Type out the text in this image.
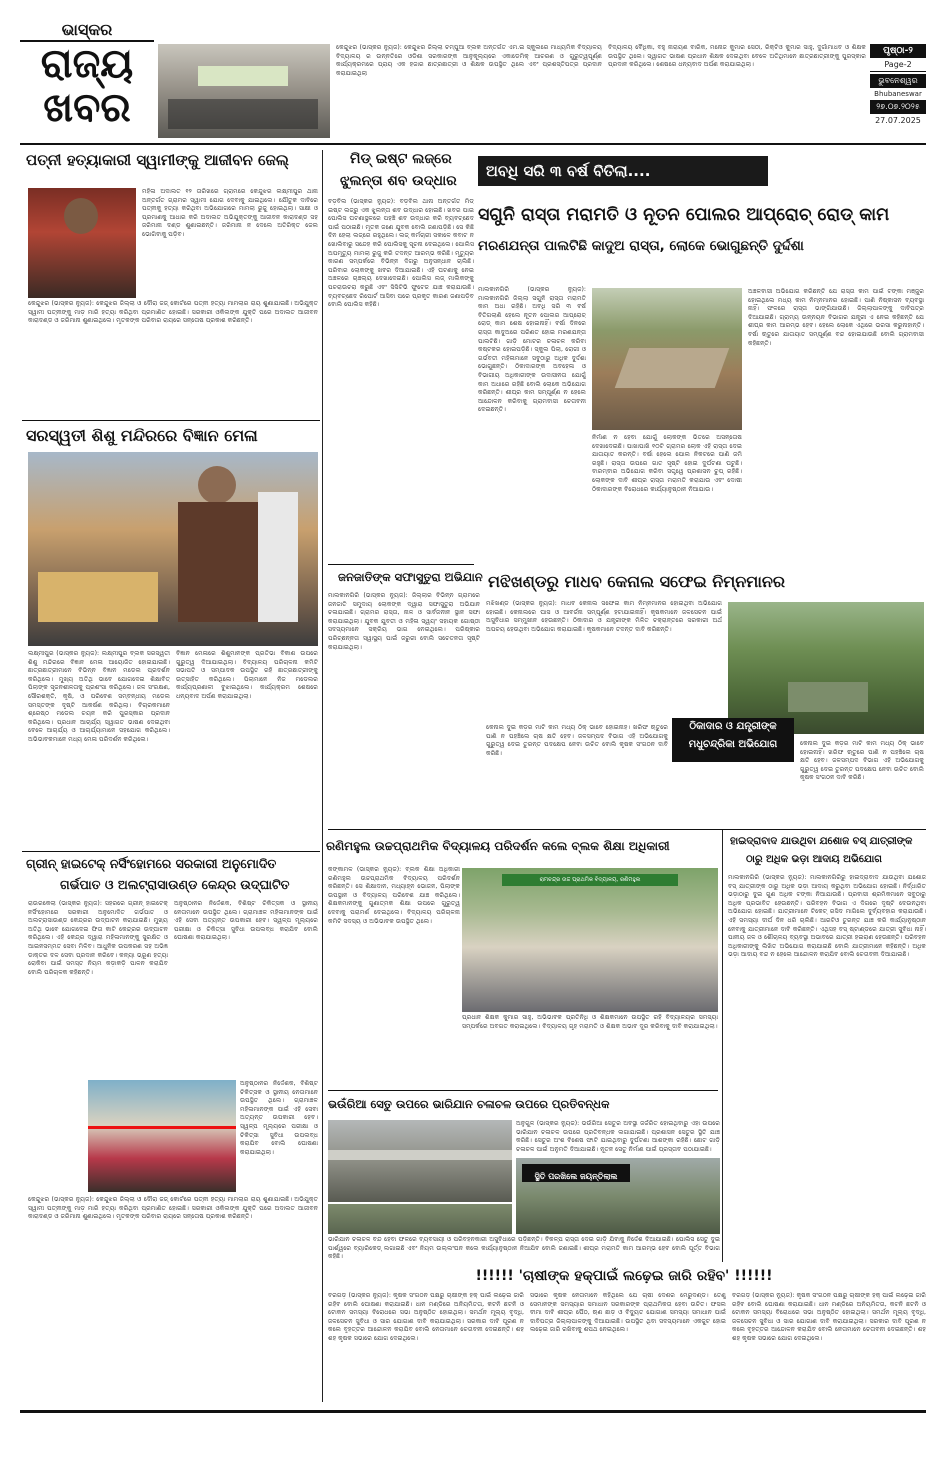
ଭାସ୍କର
ରାଜ୍ୟ
ଖବର
କେନ୍ଦୁଝର (ଭାସ୍କର ନ୍ୟୁଜ): କେନ୍ଦୁଝର ଜିଲ୍ଲା ଚମ୍ପୁଆ ବ୍ଲକ ଅନ୍ତର୍ଗତ ଏମ.ଇ ସ୍କୁଲରେ ମାଧ୍ୟମିକ ବିଦ୍ୟାଳୟ ବିଦ୍ୟାଳୟ ର ଉନ୍ନତିରେ ଓଡିଶା ସରକାରଙ୍କ ଆନୁକୂଲ୍ୟରେ ଏକାଡେମିକ୍ ଆଚରଣ ଓ ଗୁରୁତ୍ୱପୂର୍ଣ୍ଣ କାର୍ଯ୍ୟକ୍ରମରେ ପ୍ରାୟ ଏକ ହଜାର ଛାତ୍ରଛାତ୍ରୀ ଓ ଶିକ୍ଷକ ଉପସ୍ଥିତ ଥିଲେ ଏବଂ ପ୍ରଶସ୍ତିପତ୍ର ପ୍ରଦାନ କରାଯାଇଥିଲା
ବିଦ୍ୟାଳୟ ବୈଧିକା, ବହୁ ନାରାୟଣ ବାରିକ, ମନୋଜ କୁମାର ସେଠୀ, ରିକ୍ଟିଓ କୁମାର ସାହୁ, ଦୁର୍ଗାମାଧବ ଓ ଶିକ୍ଷକ ଉପସ୍ଥିତ ଥିଲେ। ସ୍ୱାଗତ ଭାଷଣ ପ୍ରଧାନ ଶିକ୍ଷକ ଦେଇଥିବା ବେଳେ ଅତିଥିମାନେ ଛାତ୍ରଛାତ୍ରୀଙ୍କୁ ପୁରସ୍କାର ପ୍ରଦାନ କରିଥିଲେ। ଶେଷରେ ଧନ୍ୟବାଦ ଅର୍ପଣ କରାଯାଇଥିଲା।
ପୃଷ୍ଠା-୨
Page-2
ଭୁବନେଶ୍ୱର
Bhubaneswar
୨୭.୦୭.୨୦୨୫
27.07.2025
ପତ୍ନୀ ହତ୍ୟାକାରୀ ସ୍ୱାମୀଙ୍କୁ ଆଜୀବନ ଜେଲ୍
ମହିଳା ଅଦାଲତ ୧୨ ତାରିଖରେ ଗ୍ରାମରେ କେନ୍ଦୁଝର ଲକ୍ଷ୍ମୀପୁର ଥାନା ଅନ୍ତର୍ଗତ ଗ୍ରାମର ସ୍ୱାମୀ ଯୋଗ ଦେବାକୁ ଯାଇଥିଲେ। ଯୌତୁକ ଦାବିରେ ପତ୍ନୀକୁ ହତ୍ୟା କରିଥିବା ଅଭିଯୋଗରେ ମାମଲା ରୁଜୁ ହୋଇଥିଲା। ସାକ୍ଷୀ ଓ ପ୍ରମାଣକୁ ଆଧାର କରି ଅଦାଲତ ଅଭିଯୁକ୍ତଙ୍କୁ ଆଜୀବନ କାରାଦଣ୍ଡ ସହ ଜରିମାନା ଦଣ୍ଡ ଶୁଣାଇଛନ୍ତି। ଜରିମାନା ନ ଦେଲେ ଅତିରିକ୍ତ ଜେଲ ଭୋଗିବାକୁ ପଡ଼ିବ।
କେନ୍ଦୁଝର (ଭାସ୍କର ନ୍ୟୁଜ): କେନ୍ଦୁଝର ଜିଲ୍ଲା ଓ ଦୌରା ଜଜ୍ କୋର୍ଟରେ ପତ୍ନୀ ହତ୍ୟା ମାମଲାର ରାୟ ଶୁଣାଯାଇଛି। ଅଭିଯୁକ୍ତ ସ୍ୱାମୀ ପତ୍ନୀଙ୍କୁ ମାଡ଼ ମାରି ହତ୍ୟା କରିଥିବା ପ୍ରମାଣିତ ହୋଇଛି। ସରକାରୀ ଓକିଲଙ୍କ ଯୁକ୍ତି ପରେ ଅଦାଲତ ଆଜୀବନ କାରାଦଣ୍ଡ ଓ ଜରିମାନା ଶୁଣାଇଥିଲେ। ମୃତକଙ୍କ ପରିବାର ରାୟରେ ସନ୍ତୋଷ ପ୍ରକାଶ କରିଛନ୍ତି।
ସରସ୍ୱତୀ ଶିଶୁ ମନ୍ଦିରରେ ବିଜ୍ଞାନ ମେଳା
ଲକ୍ଷ୍ମୀପୁର (ଭାସ୍କର ନ୍ୟୁଜ): ଲକ୍ଷ୍ମୀପୁର ବ୍ଲକ ସରସ୍ୱତୀ ଶିଶୁ ମନ୍ଦିରରେ ବିଜ୍ଞାନ ମେଳା ଆୟୋଜିତ ହୋଇଯାଇଛି। ଛାତ୍ରଛାତ୍ରୀମାନେ ବିଭିନ୍ନ ବିଜ୍ଞାନ ମଡେଲ ପ୍ରଦର୍ଶନ କରିଥିଲେ। ମୁଖ୍ୟ ଅତିଥି ଭାବେ ଯୋଗଦେଇ ଶିକ୍ଷାବିତ୍ ପିଲାଙ୍କ ସୃଜନଶୀଳତାକୁ ପ୍ରଶଂସା କରିଥିଲେ। ଜଳ ସଂରକ୍ଷଣ, ସୌରଶକ୍ତି, କୃଷି, ଓ ପରିବେଶ ସମ୍ବନ୍ଧୀୟ ମଡେଲ ସମସ୍ତଙ୍କ ଦୃଷ୍ଟି ଆକର୍ଷଣ କରିଥିଲା। ବିଚାରକମାନେ ଶ୍ରେଷ୍ଠ ମଡେଲ ଚୟନ କରି ପୁରସ୍କାର ପ୍ରଦାନ କରିଥିଲେ। ପ୍ରଧାନ ଆଚାର୍ଯ୍ୟ ସ୍ୱାଗତ ଭାଷଣ ଦେଇଥିବା ବେଳେ ଆଚାର୍ଯ୍ୟ ଓ ଆଚାର୍ଯ୍ୟାମାନେ ସହଯୋଗ କରିଥିଲେ। ଅଭିଭାବକମାନେ ମଧ୍ୟ ମେଳା ପରିଦର୍ଶନ କରିଥିଲେ।
ବିଜ୍ଞାନ ମେଳାରେ ଶିଶୁମାନଙ୍କ ପ୍ରତିଭା ବିକାଶ ଉପରେ ଗୁରୁତ୍ୱ ଦିଆଯାଇଥିଲା। ବିଦ୍ୟାଳୟ ପରିଚାଳନା କମିଟି ସଭାପତି ଓ ସମ୍ପାଦକ ଉପସ୍ଥିତ ରହି ଛାତ୍ରଛାତ୍ରୀଙ୍କୁ ଉତ୍ସାହିତ କରିଥିଲେ। ପିଲାମାନେ ନିଜ ମଡେଲର କାର୍ଯ୍ୟପ୍ରଣାଳୀ ବୁଝାଇଥିଲେ। କାର୍ଯ୍ୟକ୍ରମ ଶେଷରେ ଧନ୍ୟବାଦ ଅର୍ପଣ କରାଯାଇଥିଲା।
ଗ୍ରୀନ୍ ହାଇଟେକ୍ ନର୍ସିଂହୋମରେ ସରକାରୀ ଅନୁମୋଦିତ
ଗର୍ଭପାତ ଓ ଅଲଟ୍ରାସାଉଣ୍ଡ କେନ୍ଦ୍ର ଉଦ୍‌ଘାଟିତ
ରାଉରକେଲା (ଭାସ୍କର ନ୍ୟୁଜ): ସହରରେ ଗ୍ରୀନ୍ ହାଇଟେକ୍ ନର୍ସିଂହୋମରେ ସରକାରୀ ଅନୁମୋଦିତ ଗର୍ଭପାତ ଓ ଅଲଟ୍ରାସାଉଣ୍ଡ କେନ୍ଦ୍ରର ଉଦ୍‌ଘାଟନ କରାଯାଇଛି। ମୁଖ୍ୟ ଅତିଥି ଭାବେ ଯୋଗଦେଇ ଫିତା କାଟି କେନ୍ଦ୍ରର ଉଦ୍‌ଘାଟନ କରିଥିଲେ। ଏହି କେନ୍ଦ୍ର ଦ୍ୱାରା ମହିଳାମାନଙ୍କୁ ସୁରକ୍ଷିତ ଓ ଆଇନସମ୍ମତ ସେବା ମିଳିବ। ଆଧୁନିକ ଉପକରଣ ସହ ଅଭିଜ୍ଞ ଡାକ୍ତର ଦଳ ସେବା ପ୍ରଦାନ କରିବେ। କନ୍ୟା ଭ୍ରୂଣ ହତ୍ୟା ରୋକିବା ପାଇଁ ସମସ୍ତ ନିୟମ କଡ଼ାକଡ଼ି ପାଳନ କରାଯିବ ବୋଲି ପରିଚାଳକ କହିଛନ୍ତି।
ଅନୁଷ୍ଠାନର ନିର୍ଦ୍ଦେଶକ, ବିଶିଷ୍ଟ ଚିକିତ୍ସକ ଓ ସ୍ଥାନୀୟ ନେତାମାନେ ଉପସ୍ଥିତ ଥିଲେ। ଗ୍ରାମାଞ୍ଚଳ ମହିଳାମାନଙ୍କ ପାଇଁ ଏହି ସେବା ଅତ୍ୟନ୍ତ ଉପକାରୀ ହେବ। ସ୍ୱଳ୍ପ ମୂଲ୍ୟରେ ପରୀକ୍ଷା ଓ ଚିକିତ୍ସା ସୁବିଧା ଉପଲବ୍ଧ କରାଯିବ ବୋଲି ଘୋଷଣା କରାଯାଇଥିଲା।
ଅନୁଷ୍ଠାନର ନିର୍ଦ୍ଦେଶକ, ବିଶିଷ୍ଟ ଚିକିତ୍ସକ ଓ ସ୍ଥାନୀୟ ନେତାମାନେ ଉପସ୍ଥିତ ଥିଲେ। ଗ୍ରାମାଞ୍ଚଳ ମହିଳାମାନଙ୍କ ପାଇଁ ଏହି ସେବା ଅତ୍ୟନ୍ତ ଉପକାରୀ ହେବ। ସ୍ୱଳ୍ପ ମୂଲ୍ୟରେ ପରୀକ୍ଷା ଓ ଚିକିତ୍ସା ସୁବିଧା ଉପଲବ୍ଧ କରାଯିବ ବୋଲି ଘୋଷଣା କରାଯାଇଥିଲା।
କେନ୍ଦୁଝର (ଭାସ୍କର ନ୍ୟୁଜ): କେନ୍ଦୁଝର ଜିଲ୍ଲା ଓ ଦୌରା ଜଜ୍ କୋର୍ଟରେ ପତ୍ନୀ ହତ୍ୟା ମାମଲାର ରାୟ ଶୁଣାଯାଇଛି। ଅଭିଯୁକ୍ତ ସ୍ୱାମୀ ପତ୍ନୀଙ୍କୁ ମାଡ଼ ମାରି ହତ୍ୟା କରିଥିବା ପ୍ରମାଣିତ ହୋଇଛି। ସରକାରୀ ଓକିଲଙ୍କ ଯୁକ୍ତି ପରେ ଅଦାଲତ ଆଜୀବନ କାରାଦଣ୍ଡ ଓ ଜରିମାନା ଶୁଣାଇଥିଲେ। ମୃତକଙ୍କ ପରିବାର ରାୟରେ ସନ୍ତୋଷ ପ୍ରକାଶ କରିଛନ୍ତି।
ମିଡ୍ ଇଷ୍ଟ ଲଜ୍‌ରେ
ଝୁଲନ୍ତା ଶବ ଉଦ୍ଧାର
ବଡ଼ବିଲ (ଭାସ୍କର ନ୍ୟୁଜ): ବଡ଼ବିଲ ଥାନା ଅନ୍ତର୍ଗତ ମିଡ୍ ଇଷ୍ଟ ଲଜ୍‌ରୁ ଏକ ଝୁଲନ୍ତା ଶବ ଉଦ୍ଧାର ହୋଇଛି। ଖବର ପାଇ ପୋଲିସ ଘଟଣାସ୍ଥଳରେ ପହଞ୍ଚି ଶବ ଉଦ୍ଧାର କରି ବ୍ୟବଚ୍ଛେଦ ପାଇଁ ପଠାଇଛି। ମୃତକ ଜଣେ ଯୁବକ ବୋଲି ଜଣାପଡ଼ିଛି। ସେ କିଛି ଦିନ ହେଲା ଲଜ୍‌ରେ ରହୁଥିଲେ। ଲଜ୍ କର୍ମଚାରୀ ସକାଳେ କବାଟ ନ ଖୋଲିବାରୁ ସନ୍ଦେହ କରି ପୋଲିସକୁ ସୂଚନା ଦେଇଥିଲେ। ପୋଲିସ ଅପମୃତ୍ୟୁ ମାମଲା ରୁଜୁ କରି ତଦନ୍ତ ଆରମ୍ଭ କରିଛି। ମୃତ୍ୟୁର କାରଣ ସମ୍ପର୍କରେ ବିଭିନ୍ନ ଦିଗରୁ ଅନୁସନ୍ଧାନ ଚାଲିଛି। ପରିବାର ଲୋକଙ୍କୁ ଖବର ଦିଆଯାଇଛି। ଏହି ଘଟଣାକୁ ନେଇ ଅଞ୍ଚଳରେ ଚାଞ୍ଚଲ୍ୟ ଦେଖାଦେଇଛି। ପୋଲିସ ଲଜ୍ ମାଲିକଙ୍କୁ ପଚରାଉଚରା କରୁଛି ଏବଂ ସିସିଟିଭି ଫୁଟେଜ ଯାଞ୍ଚ କରାଯାଉଛି। ବ୍ୟବଚ୍ଛେଦ ରିପୋର୍ଟ ଆସିବା ପରେ ପ୍ରକୃତ କାରଣ ଜଣାପଡ଼ିବ ବୋଲି ପୋଲିସ କହିଛି।
ଅବଧି ସରି ୩ ବର୍ଷ ବିତିଲା....
ସଗୁନି ରାସ୍ତା ମରାମତି ଓ ନୂତନ ପୋଲର ଆପ୍ରୋଚ୍ ରୋଡ୍ କାମ
ମରଣଯନ୍ତା ପାଲଟିଛି କାଦୁଅ ରାସ୍ତା, ଲୋକେ ଭୋଗୁଛନ୍ତି ଦୁର୍ଦ୍ଦଶା
ମାଲକାନଗିରି (ଭାସ୍କର ନ୍ୟୁଜ): ମାଲକାନଗିରି ଜିଲ୍ଲା ସଗୁନି ରାସ୍ତା ମରାମତି କାମ ଅଧା ରହିଛି। ଅବଧି ସରି ୩ ବର୍ଷ ବିତିଗଲାଣି ହେଲେ ନୂତନ ପୋଲର ଆପ୍ରୋଚ୍ ରୋଡ୍ କାମ ଶେଷ ହୋଇନାହିଁ। ବର୍ଷା ଦିନରେ ରାସ୍ତା କାଦୁଅରେ ପରିଣତ ହୋଇ ମରଣଯନ୍ତା ପାଲଟିଛି। ଗାଡ଼ି ମୋଟର ଚଳାଚଳ କରିବା କଷ୍ଟକର ହୋଇପଡ଼ିଛି। ସ୍କୁଲ ପିଲା, ରୋଗୀ ଓ ଗର୍ଭବତୀ ମହିଳାମାନେ ସବୁଠାରୁ ଅଧିକ ଦୁର୍ଦ୍ଦଶା ଭୋଗୁଛନ୍ତି। ଠିକାଦାରଙ୍କ ଅବହେଳା ଓ ବିଭାଗୀୟ ଅଧିକାରୀଙ୍କ ଉଦାସୀନତା ଯୋଗୁଁ କାମ ଅଧାରେ ରହିଛି ବୋଲି ଲୋକେ ଅଭିଯୋଗ କରିଛନ୍ତି। ଶୀଘ୍ର କାମ ସମ୍ପୂର୍ଣ୍ଣ ନ ହେଲେ ଆନ୍ଦୋଳନ କରିବାକୁ ଗ୍ରାମବାସୀ ଚେତାବନୀ ଦେଇଛନ୍ତି।
ନିର୍ମାଣ ନ ହେବା ଯୋଗୁଁ ଲୋକଙ୍କ ଭିତରେ ଅସନ୍ତୋଷ ଦେଖାଦେଇଛି। ପାଖାପାଖି ୧୦ଟି ଗ୍ରାମର ଲୋକ ଏହି ରାସ୍ତା ଦେଇ ଯାତାୟାତ କରନ୍ତି। ବର୍ଷା ହେଲେ ପୋଲ ନିକଟରେ ପାଣି ଜମି ରହୁଛି। ରାସ୍ତା ଉପରେ ଗାତ ସୃଷ୍ଟି ହୋଇ ଦୁର୍ଘଟଣା ଘଟୁଛି। ବାରମ୍ବାର ଅଭିଯୋଗ କରିବା ସତ୍ତ୍ୱେ ପ୍ରଶାସନ ଚୁପ୍ ରହିଛି। ଲୋକଙ୍କ ଦାବି ଶୀଘ୍ର ରାସ୍ତା ମରାମତି କରାଯାଉ ଏବଂ ଦୋଷୀ ଠିକାଦାରଙ୍କ ବିରୋଧରେ କାର୍ଯ୍ୟାନୁଷ୍ଠାନ ନିଆଯାଉ।
ଅଞ୍ଚଳବାସୀ ଅଭିଯୋଗ କରିଛନ୍ତି ଯେ ରାସ୍ତା କାମ ପାଇଁ ଟଙ୍କା ମଞ୍ଜୁର ହୋଇଥିଲେ ମଧ୍ୟ କାମ ନିମ୍ନମାନର ହୋଇଛି। ପାଣି ନିଷ୍କାସନ ବ୍ୟବସ୍ଥା ନାହିଁ। ଫଳରେ ରାସ୍ତା ଭାଙ୍ଗିଯାଉଛି। ଜିଲ୍ଲାପାଳଙ୍କୁ ଦାବିପତ୍ର ଦିଆଯାଇଛି। ଗ୍ରାମ୍ୟ ଉନ୍ନୟନ ବିଭାଗର ଯନ୍ତ୍ରୀ ଏ ନେଇ କହିଛନ୍ତି ଯେ ଶୀଘ୍ର କାମ ଆରମ୍ଭ ହେବ। ହେଲେ ଲୋକେ ଏଥିରେ ଭରସା କରୁନାହାନ୍ତି। ବର୍ଷା ଋତୁରେ ଯାତାୟାତ ସମ୍ପୂର୍ଣ୍ଣ ବନ୍ଦ ହୋଇଯାଉଛି ବୋଲି ଗ୍ରାମବାସୀ କହିଛନ୍ତି।
ଜନଜାତିଙ୍କ ସଫାସୁତୁରା ଅଭିଯାନ
ମାଲକାନଗିରି (ଭାସ୍କର ନ୍ୟୁଜ): ଜିଲ୍ଲାର ବିଭିନ୍ନ ଗ୍ରାମରେ ଜନଜାତି ସମୁଦାୟ ଲୋକଙ୍କ ଦ୍ୱାରା ସଫାସୁତୁରା ଅଭିଯାନ ଚଳାଯାଇଛି। ଗ୍ରାମର ରାସ୍ତା, ନାଳ ଓ ସାର୍ବଜନୀନ ସ୍ଥାନ ସଫା କରାଯାଇଥିଲା। ଯୁବକ ଯୁବତୀ ଓ ମହିଳା ସ୍ୱୟଂ ସହାୟକ ଗୋଷ୍ଠୀ ସଦସ୍ୟମାନେ ସକ୍ରିୟ ଭାଗ ନେଇଥିଲେ। ପରିଷ୍କାର ପରିଚ୍ଛନ୍ନତା ସ୍ୱାସ୍ଥ୍ୟ ପାଇଁ ଜରୁରୀ ବୋଲି ସଚେତନତା ସୃଷ୍ଟି କରାଯାଇଥିଲା।
ମଝିଖଣ୍ଡରୁ ମାଧବ କେନାଲ ସଫେଇ ନିମ୍ନମାନର
ମଝିଖଣ୍ଡ (ଭାସ୍କର ନ୍ୟୁଜ): ମାଧବ କେନାଲ ସଫେଇ କାମ ନିମ୍ନମାନର ହୋଇଥିବା ଅଭିଯୋଗ ହୋଇଛି। କେନାଲରେ ଘାସ ଓ ଆବର୍ଜନା ସମ୍ପୂର୍ଣ୍ଣ ହଟାଯାଇନାହିଁ। କୃଷକମାନେ ଜଳସେଚନ ପାଇଁ ଅସୁବିଧାର ସମ୍ମୁଖୀନ ହେଉଛନ୍ତି। ଠିକାଦାର ଓ ଯନ୍ତ୍ରୀଙ୍କ ମିଳିତ ଚକ୍ରାନ୍ତରେ ସରକାରୀ ଅର୍ଥ ଅପଚୟ ହେଉଥିବା ଅଭିଯୋଗ କରାଯାଇଛି। କୃଷକମାନେ ତଦନ୍ତ ଦାବି କରିଛନ୍ତି।
ଠିକାଦାର ଓ ଯନ୍ତ୍ରୀଙ୍କ
ମଧୁଚନ୍ଦ୍ରିକା ଅଭିଯୋଗ
କେନାଲ ଦୁଇ କଡ଼ର ମାଟି କାମ ମଧ୍ୟ ଠିକ୍ ଭାବେ ହୋଇନାହିଁ। ଖରିଫ ଋତୁରେ ପାଣି ନ ପହଞ୍ଚିଲେ ଚାଷ କ୍ଷତି ହେବ। ଜଳସମ୍ପଦ ବିଭାଗ ଏହି ଅଭିଯୋଗକୁ ଗୁରୁତ୍ୱ ଦେଇ ତୁରନ୍ତ ପଦକ୍ଷେପ ନେବା ଉଚିତ ବୋଲି କୃଷକ ସଂଗଠନ ଦାବି କରିଛି।
କେନାଲ ଦୁଇ କଡ଼ର ମାଟି କାମ ମଧ୍ୟ ଠିକ୍ ଭାବେ ହୋଇନାହିଁ। ଖରିଫ ଋତୁରେ ପାଣି ନ ପହଞ୍ଚିଲେ ଚାଷ କ୍ଷତି ହେବ। ଜଳସମ୍ପଦ ବିଭାଗ ଏହି ଅଭିଯୋଗକୁ ଗୁରୁତ୍ୱ ଦେଇ ତୁରନ୍ତ ପଦକ୍ଷେପ ନେବା ଉଚିତ ବୋଲି କୃଷକ ସଂଗଠନ ଦାବି କରିଛି।
ରଣିମହୁଲ ଉଚ୍ଚପ୍ରାଥମିକ ବିଦ୍ୟାଳୟ ପରିଦର୍ଶନ କଲେ ବ୍ଲକ ଶିକ୍ଷା ଅଧିକାରୀ
କଙ୍କାମଳ (ଭାସ୍କର ନ୍ୟୁଜ): ବ୍ଲକ ଶିକ୍ଷା ଅଧିକାରୀ ରଣିମହୁଲ ଉଚ୍ଚପ୍ରାଥମିକ ବିଦ୍ୟାଳୟ ପରିଦର୍ଶନ କରିଛନ୍ତି। ସେ ଶିକ୍ଷାଦାନ, ମଧ୍ୟାହ୍ନ ଭୋଜନ, ପିଲାଙ୍କ ଉପସ୍ଥାନ ଓ ବିଦ୍ୟାଳୟ ପରିବେଶ ଯାଞ୍ଚ କରିଥିଲେ। ଶିକ୍ଷକମାନଙ୍କୁ ଗୁଣାତ୍ମକ ଶିକ୍ଷା ଉପରେ ଗୁରୁତ୍ୱ ଦେବାକୁ ପରାମର୍ଶ ଦେଇଥିଲେ। ବିଦ୍ୟାଳୟ ପରିଚାଳନା କମିଟି ସଦସ୍ୟ ଓ ଅଭିଭାବକ ଉପସ୍ଥିତ ଥିଲେ।
ରାମଚନ୍ଦ୍ର ଉଚ୍ଚ ପ୍ରାଥମିକ ବିଦ୍ୟାଳୟ, ରଣିମହୁଲ
ପ୍ରଧାନ ଶିକ୍ଷକ କୁମାର ସାହୁ, ଅଭିଭାବକ ପ୍ରତିନିଧି ଓ ଶିକ୍ଷକମାନେ ଉପସ୍ଥିତ ରହି ବିଦ୍ୟାଳୟର ସମସ୍ୟା ସମ୍ପର୍କରେ ଅବଗତ କରାଇଥିଲେ। ବିଦ୍ୟାଳୟ ଗୃହ ମରାମତି ଓ ଶିକ୍ଷକ ଅଭାବ ଦୂର କରିବାକୁ ଦାବି କରାଯାଇଥିଲା।
ହାଇଦ୍ରାବାଦ ଯାଉଥିବା ଯଶୋଜ ବସ୍ ଯାତ୍ରୀଙ୍କ
ଠାରୁ ଅଧିକ ଭଡ଼ା ଆଦାୟ ଅଭିଯୋଗ
ମାଲକାନଗିରି (ଭାସ୍କର ନ୍ୟୁଜ): ମାଲକାନଗିରିରୁ ହାଇଦ୍ରାବାଦ ଯାଉଥିବା ଯଶୋଜ ବସ୍ ଯାତ୍ରୀଙ୍କ ଠାରୁ ଅଧିକ ଭଡ଼ା ଆଦାୟ କରୁଥିବା ଅଭିଯୋଗ ହୋଇଛି। ନିର୍ଦ୍ଧାରିତ ଭଡ଼ାଠାରୁ ଦୁଇ ଗୁଣ ଅଧିକ ଟଙ୍କା ନିଆଯାଉଛି। ପ୍ରବାସୀ ଶ୍ରମିକମାନେ ସବୁଠାରୁ ଅଧିକ ପ୍ରଭାବିତ ହେଉଛନ୍ତି। ପରିବହନ ବିଭାଗ ଏ ଦିଗରେ ଦୃଷ୍ଟି ଦେଉନଥିବା ଅଭିଯୋଗ ହୋଇଛି। ଯାତ୍ରୀମାନେ ଟିକେଟ୍ ରସିଦ ମାଗିଲେ ଦୁର୍ବ୍ୟବହାର କରାଯାଉଛି। ଏହି ସମସ୍ୟା ଦୀର୍ଘ ଦିନ ଧରି ଚାଲିଛି। ଆରଟିଓ ତୁରନ୍ତ ଯାଞ୍ଚ କରି କାର୍ଯ୍ୟାନୁଷ୍ଠାନ ନେବାକୁ ଯାତ୍ରୀମାନେ ଦାବି କରିଛନ୍ତି। ଏଥିସହ ବସ୍ ଷ୍ଟାଣ୍ଡରେ ଯାତ୍ରୀ ସୁବିଧା ନାହିଁ। ପାନୀୟ ଜଳ ଓ ଶୌଚାଳୟ ବ୍ୟବସ୍ଥା ଅଭାବରେ ଯାତ୍ରୀ ହଇରାଣ ହେଉଛନ୍ତି। ପରିବହନ ଅଧିକାରୀଙ୍କୁ ଲିଖିତ ଅଭିଯୋଗ କରାଯାଇଛି ବୋଲି ଯାତ୍ରୀମାନେ କହିଛନ୍ତି। ଅଧିକ ଭଡ଼ା ଆଦାୟ ବନ୍ଦ ନ ହେଲେ ଆନ୍ଦୋଳନ କରାଯିବ ବୋଲି ଚେତାବନୀ ଦିଆଯାଇଛି।
ଭଉଁରିଆ ସେତୁ ଉପରେ ଭାରିଯାନ ଚଳାଚଳ ଉପରେ ପ୍ରତିବନ୍ଧକ
ଅନୁଗୁଳ (ଭାସ୍କର ନ୍ୟୁଜ): ଭଉଁରିଆ ସେତୁର ଅବସ୍ଥା ଜର୍ଜରିତ ହୋଇଥିବାରୁ ଏହା ଉପରେ ଭାରିଯାନ ଚଳାଚଳ ଉପରେ ପ୍ରତିବନ୍ଧକ ଲଗାଯାଇଛି। ପ୍ରଶାସନ ସେତୁର ସ୍ଥିତି ଯାଞ୍ଚ କରିଛି। ସେତୁର ଅଂଶ ବିଶେଷ ଫାଟି ଯାଇଥିବାରୁ ଦୁର୍ଘଟଣା ଆଶଙ୍କା ରହିଛି। ଛୋଟ ଗାଡ଼ି ଚଳାଚଳ ପାଇଁ ଅନୁମତି ଦିଆଯାଇଛି। ନୂତନ ସେତୁ ନିର୍ମାଣ ପାଇଁ ପ୍ରସ୍ତାବ ପଠାଯାଇଛି।
ସ୍ଥିତି ପରଖିଲେ ଜୟନ୍ତିଲାଲ
ଭାରିଯାନ ଚଳାଚଳ ବନ୍ଦ ହେବା ଫଳରେ ବ୍ୟବସାୟୀ ଓ ପରିବହନକାରୀ ଅସୁବିଧାରେ ପଡ଼ିଛନ୍ତି। ବିକଳ୍ପ ରାସ୍ତା ଦେଇ ଗାଡ଼ି ଯିବାକୁ ନିର୍ଦ୍ଦେଶ ଦିଆଯାଇଛି। ପୋଲିସ ସେତୁ ଦୁଇ ପାର୍ଶ୍ୱରେ ବ୍ୟାରିକେଡ୍ ଲଗାଇଛି ଏବଂ ନିୟମ ଉଲ୍ଲଂଘନ କଲେ କାର୍ଯ୍ୟାନୁଷ୍ଠାନ ନିଆଯିବ ବୋଲି ଜଣାଇଛି। ଶୀଘ୍ର ମରାମତି କାମ ଆରମ୍ଭ ହେବ ବୋଲି ପୂର୍ତ୍ତ ବିଭାଗ କହିଛି।
!!!!!! 'ଚାଷୀଙ୍କ ହକ୍‌ପାଇଁ ଲଢ଼େଇ ଜାରି ରହିବ' !!!!!!
ବରଗଡ଼ (ଭାସ୍କର ନ୍ୟୁଜ): କୃଷକ ସଂଗଠନ ପକ୍ଷରୁ ଚାଷୀଙ୍କ ହକ୍ ପାଇଁ ଲଢ଼େଇ ଜାରି ରହିବ ବୋଲି ଘୋଷଣା କରାଯାଇଛି। ଧାନ ମଣ୍ଡିରେ ଅନିୟମିତତା, କଟନି ଛଟନି ଓ ଟୋକନ ସମସ୍ୟା ବିରୋଧରେ ସଭା ଅନୁଷ୍ଠିତ ହୋଇଥିଲା। ସମର୍ଥନ ମୂଲ୍ୟ ବୃଦ୍ଧି, ଜଳସେଚନ ସୁବିଧା ଓ ସାର ଯୋଗାଣ ଦାବି କରାଯାଇଥିଲା। ସରକାର ଦାବି ପୂରଣ ନ କଲେ ବୃହତ୍ତର ଆନ୍ଦୋଳନ କରାଯିବ ବୋଲି ନେତାମାନେ ଚେତାବନୀ ଦେଇଛନ୍ତି। ଶହ ଶହ କୃଷକ ସଭାରେ ଯୋଗ ଦେଇଥିଲେ।
ସଭାରେ କୃଷକ ନେତାମାନେ କହିଥିଲେ ଯେ ଚାଷୀ ଦେଶର ମେରୁଦଣ୍ଡ। ତେଣୁ ସେମାନଙ୍କ ସମସ୍ୟାର ସମାଧାନ ସରକାରଙ୍କ ପ୍ରାଥମିକତା ହେବା ଉଚିତ। ଫସଲ ବୀମା ଦାବି ଶୀଘ୍ର ପୈଠ, ଋଣ ଛାଡ଼ ଓ ବିଦ୍ୟୁତ ଯୋଗାଣ ସମସ୍ୟା ସମାଧାନ ପାଇଁ ଦାବିପତ୍ର ଜିଲ୍ଲାପାଳଙ୍କୁ ଦିଆଯାଇଛି। ଉପସ୍ଥିତ ଥିବା ସଦସ୍ୟମାନେ ଏକଜୁଟ ହୋଇ ଲଢ଼େଇ ଜାରି ରଖିବାକୁ ଶପଥ ନେଇଥିଲେ।
ବରଗଡ଼ (ଭାସ୍କର ନ୍ୟୁଜ): କୃଷକ ସଂଗଠନ ପକ୍ଷରୁ ଚାଷୀଙ୍କ ହକ୍ ପାଇଁ ଲଢ଼େଇ ଜାରି ରହିବ ବୋଲି ଘୋଷଣା କରାଯାଇଛି। ଧାନ ମଣ୍ଡିରେ ଅନିୟମିତତା, କଟନି ଛଟନି ଓ ଟୋକନ ସମସ୍ୟା ବିରୋଧରେ ସଭା ଅନୁଷ୍ଠିତ ହୋଇଥିଲା। ସମର୍ଥନ ମୂଲ୍ୟ ବୃଦ୍ଧି, ଜଳସେଚନ ସୁବିଧା ଓ ସାର ଯୋଗାଣ ଦାବି କରାଯାଇଥିଲା। ସରକାର ଦାବି ପୂରଣ ନ କଲେ ବୃହତ୍ତର ଆନ୍ଦୋଳନ କରାଯିବ ବୋଲି ନେତାମାନେ ଚେତାବନୀ ଦେଇଛନ୍ତି। ଶହ ଶହ କୃଷକ ସଭାରେ ଯୋଗ ଦେଇଥିଲେ।
